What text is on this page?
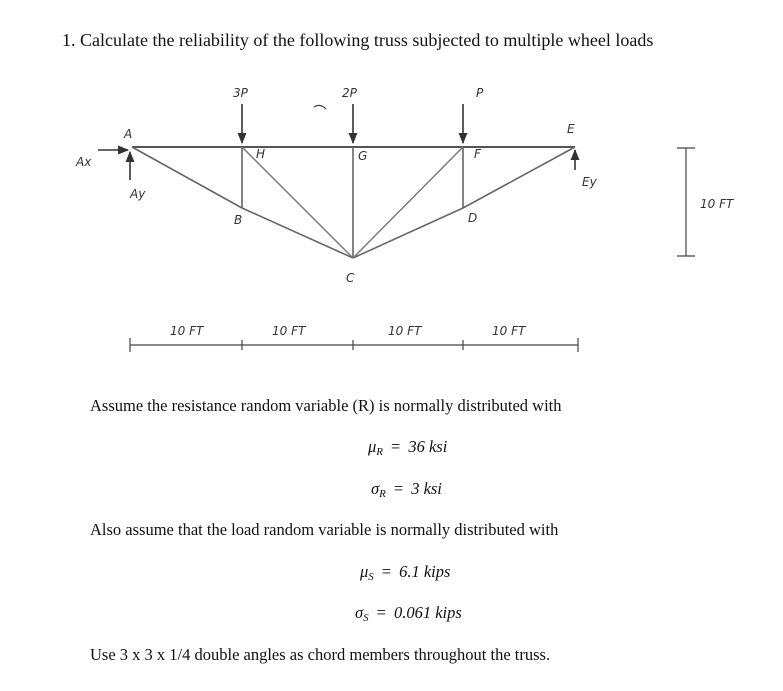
1. Calculate the reliability of the following truss subjected to multiple wheel loads
3P	2P	P
Ax
Ay
Ey
A
H	G	F
E
B	D
C
10 FT	10 FT	10 FT	10 FT
10 FT
Assume the resistance random variable (R) is normally distributed with
$\mu_R = 36$ ksi
$\sigma_R = 3$ ksi
Also assume that the load random variable is normally distributed with
$\mu_S = 6.1$ kips
$\sigma_S = 0.061$ kips
Use 3 x 3 x 1/4 double angles as chord members throughout the truss.
